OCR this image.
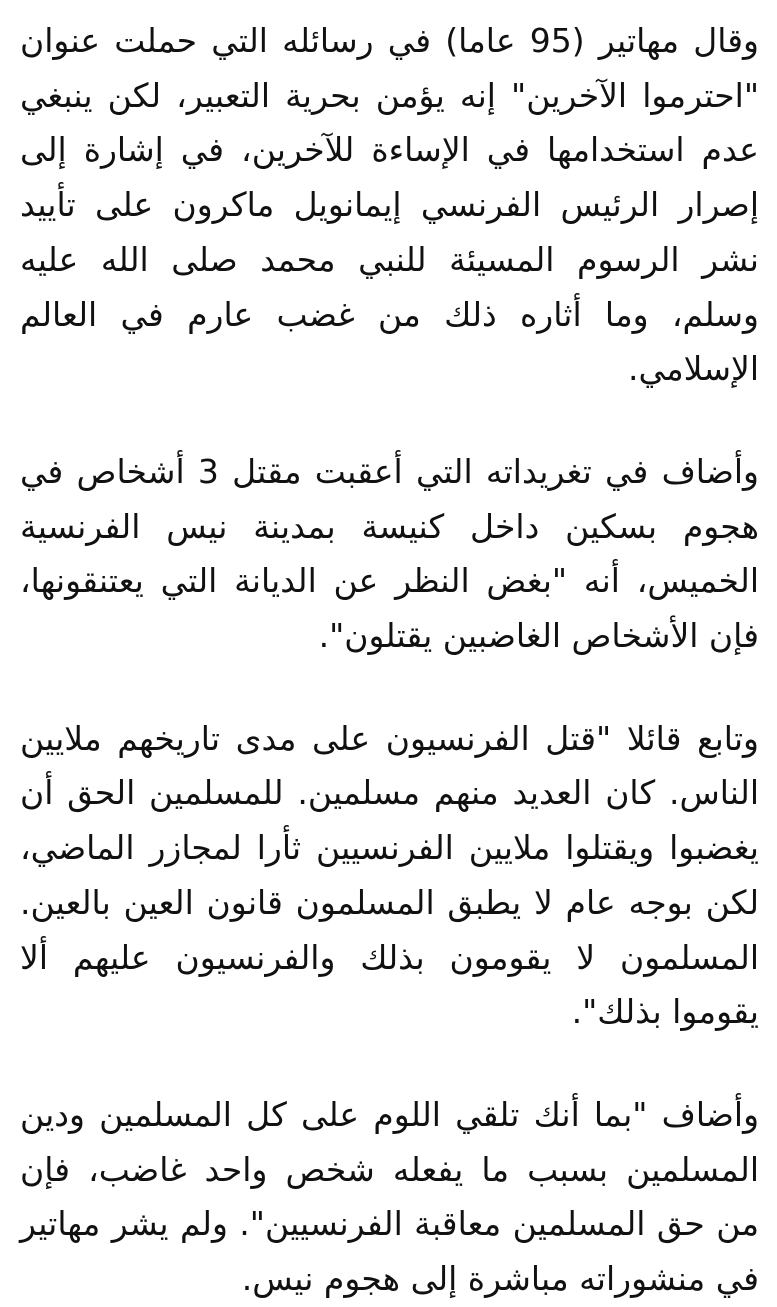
وقال مهاتير (95 عاما) في رسائله التي حملت عنوان "احترموا الآخرين" إنه يؤمن بحرية التعبير، لكن ينبغي عدم استخدامها في الإساءة للآخرين، في إشارة إلى إصرار الرئيس الفرنسي إيمانويل ماكرون على تأييد نشر الرسوم المسيئة للنبي محمد صلى الله عليه وسلم، وما أثاره ذلك من غضب عارم في العالم الإسلامي.

وأضاف في تغريداته التي أعقبت مقتل 3 أشخاص في هجوم بسكين داخل كنيسة بمدينة نيس الفرنسية الخميس، أنه "بغض النظر عن الديانة التي يعتنقونها، فإن الأشخاص الغاضبين يقتلون".

وتابع قائلا "قتل الفرنسيون على مدى تاريخهم ملايين الناس. كان العديد منهم مسلمين. للمسلمين الحق أن يغضبوا ويقتلوا ملايين الفرنسيين ثأرا لمجازر الماضي، لكن بوجه عام لا يطبق المسلمون قانون العين بالعين. المسلمون لا يقومون بذلك والفرنسيون عليهم ألا يقوموا بذلك".

وأضاف "بما أنك تلقي اللوم على كل المسلمين ودين المسلمين بسبب ما يفعله شخص واحد غاضب، فإن من حق المسلمين معاقبة الفرنسيين". ولم يشر مهاتير في منشوراته مباشرة إلى هجوم نيس.
